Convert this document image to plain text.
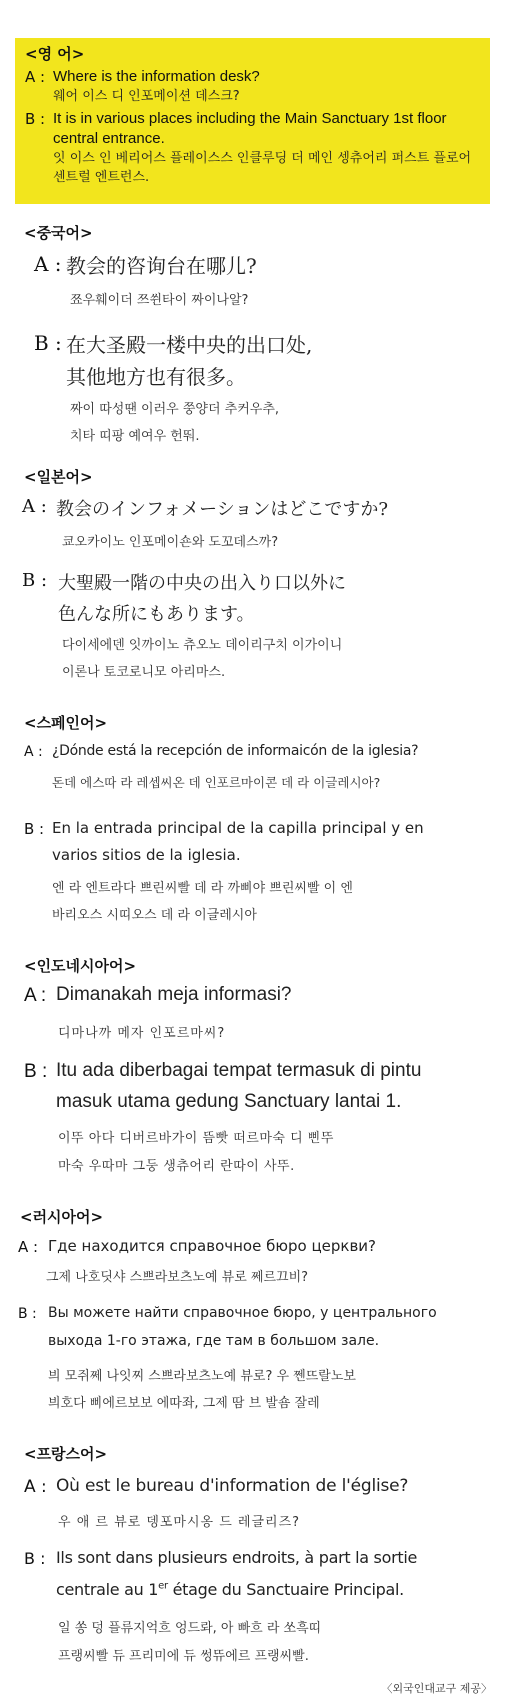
<영 어>
A : Where is the information desk?
웨어 이스 디 인포메이션 데스크?
B : It is in various places including the Main Sanctuary 1st floor
central entrance.
잇 이스 인 베리어스 플레이스스 인클루딩 더 메인 셍츄어리 퍼스트 플로어
센트럴 엔트런스.
<중국어>
A : 教会的咨询台在哪儿?
쬬우훼이더 쯔쒼타이 짜이나알?
B : 在大圣殿一楼中央的出口处,
其他地方也有很多。
짜이 따성땐 이러우 쭝양더 추커우추,
치타 띠팡 예여우 헌뚸.
<일본어>
A : 教会のインフォメーションはどこですか?
쿄오카이노 인포메이숀와 도꼬데스까?
B : 大聖殿一階の中央の出入り口以外に
色んな所にもあります。
다이세에덴 잇까이노 츄오노 데이리구치 이가이니
이론나 토코로니모 아리마스.
<스페인어>
A : ¿Dónde está la recepción de informaicón de la iglesia?
돈데 에스따 라 레셉씨온 데 인포르마이콘 데 라 이글레시아?
B : En la entrada principal de la capilla principal y en
varios sitios de la iglesia.
엔 라 엔트라다 쁘린씨빨 데 라 까삐야 쁘린씨빨 이 엔
바리오스 시띠오스 데 라 이글레시아
<인도네시아어>
A : Dimanakah meja informasi?
디마나까 메자 인포르마씨?
B : Itu ada diberbagai tempat termasuk di pintu
masuk utama gedung Sanctuary lantai 1.
이뚜 아다 디버르바가이 뜸빳 떠르마숙 디 삔뚜
마숙 우따마 그둥 생츄어리 란따이 사뚜.
<러시아어>
A : Где находится справочное бюро церкви?
그제 나호딧샤 스쁘라보츠노예 뷰로 쩨르끄비?
B : Вы можете найти справочное бюро, у центрального
выхода 1-го этажа, где там в большом зале.
븨 모쥐쩨 나잇찌 스쁘라보츠노예 뷰로? 우 쩬뜨랄노보
븨호다 삐에르보보 에따좌, 그제 땀 브 발숌 잘레
<프랑스어>
A : Où est le bureau d'information de l'église?
우 애 르 뷰로 뎅포마시옹 드 레글리즈?
B : Ils sont dans plusieurs endroits, à part la sortie
centrale au 1er étage du Sanctuaire Principal.
일 쏭 덩 플류지억흐 엉드롸, 아 빠흐 라 쏘흑띠
프랭씨빨 듀 프리미에 듀 썽뜌에르 프랭씨빨.
〈외국인대교구 제공〉
